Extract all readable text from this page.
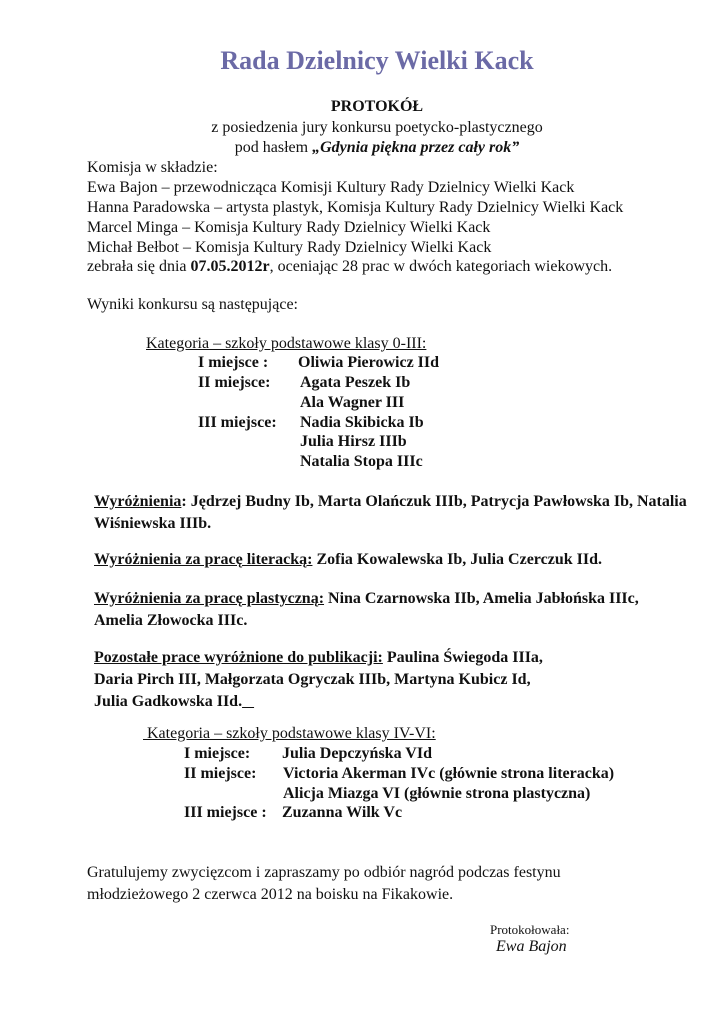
Rada Dzielnicy Wielki Kack
PROTOKÓŁ
z posiedzenia jury konkursu poetycko-plastycznego
pod hasłem „Gdynia piękna przez cały rok”
Komisja w składzie:
Ewa Bajon – przewodnicząca Komisji Kultury Rady Dzielnicy Wielki Kack
Hanna Paradowska – artysta plastyk, Komisja Kultury Rady Dzielnicy Wielki Kack
Marcel Minga – Komisja Kultury Rady Dzielnicy Wielki Kack
Michał Bełbot – Komisja Kultury Rady Dzielnicy Wielki Kack
zebrała się dnia 07.05.2012r, oceniając 28 prac w dwóch kategoriach wiekowych.
Wyniki konkursu są następujące:
Kategoria – szkoły podstawowe klasy 0-III:
I miejsce : Oliwia Pierowicz IId
II miejsce: Agata Peszek Ib
Ala Wagner III
III miejsce: Nadia Skibicka Ib
Julia Hirsz IIIb
Natalia Stopa IIIc
Wyróżnienia: Jędrzej Budny Ib, Marta Olańczuk IIIb, Patrycja Pawłowska Ib, Natalia Wiśniewska IIIb.
Wyróżnienia za pracę literacką: Zofia Kowalewska Ib, Julia Czerczuk IId.
Wyróżnienia za pracę plastyczną: Nina Czarnowska IIb, Amelia Jabłońska IIIc, Amelia Złowocka IIIc.
Pozostałe prace wyróżnione do publikacji: Paulina Świegoda IIIa,
Daria Pirch III, Małgorzata Ogryczak IIIb, Martyna Kubicz Id,
Julia Gadkowska IId.
Kategoria – szkoły podstawowe klasy IV-VI:
I miejsce: Julia Depczyńska VId
II miejsce: Victoria Akerman IVc (głównie strona literacka)
Alicja Miazga VI (głównie strona plastyczna)
III miejsce : Zuzanna Wilk Vc
Gratulujemy zwycięzcom i zapraszamy po odbiór nagród podczas festynu młodzieżowego 2 czerwca 2012 na boisku na Fikakowie.
Protokołowała:
Ewa Bajon
